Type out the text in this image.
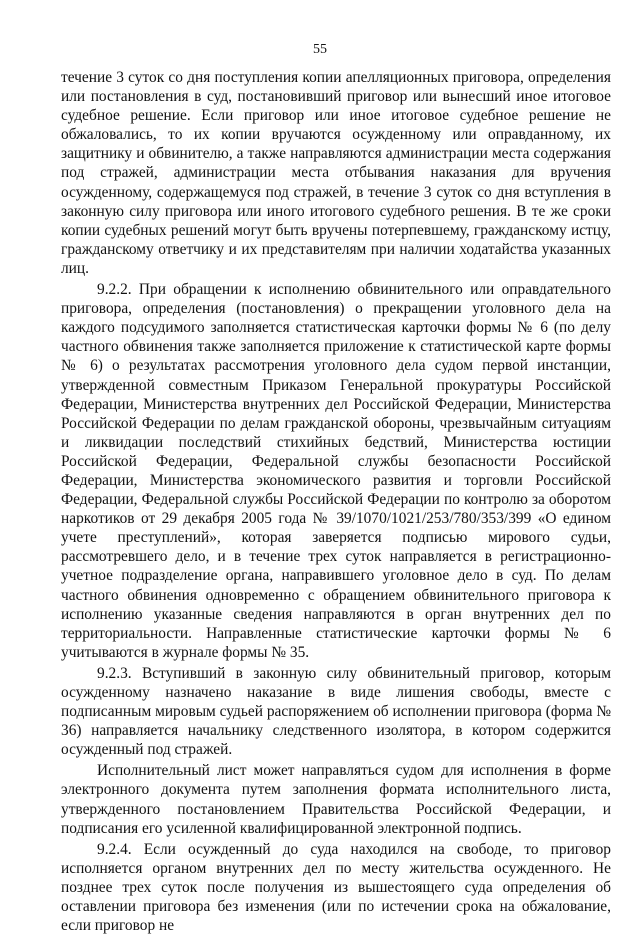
55

течение 3 суток со дня поступления копии апелляционных приговора, определения или постановления в суд, постановивший приговор или вынесший иное итоговое судебное решение. Если приговор или иное итоговое судебное решение не обжаловались, то их копии вручаются осужденному или оправданному, их защитнику и обвинителю, а также направляются администрации места содержания под стражей, администрации места отбывания наказания для вручения осужденному, содержащемуся под стражей, в течение 3 суток со дня вступления в законную силу приговора или иного итогового судебного решения. В те же сроки копии судебных решений могут быть вручены потерпевшему, гражданскому истцу, гражданскому ответчику и их представителям при наличии ходатайства указанных лиц.

9.2.2. При обращении к исполнению обвинительного или оправдательного приговора, определения (постановления) о прекращении уголовного дела на каждого подсудимого заполняется статистическая карточки формы № 6 (по делу частного обвинения также заполняется приложение к статистической карте формы № 6) о результатах рассмотрения уголовного дела судом первой инстанции, утвержденной совместным Приказом Генеральной прокуратуры Российской Федерации, Министерства внутренних дел Российской Федерации, Министерства Российской Федерации по делам гражданской обороны, чрезвычайным ситуациям и ликвидации последствий стихийных бедствий, Министерства юстиции Российской Федерации, Федеральной службы безопасности Российской Федерации, Министерства экономического развития и торговли Российской Федерации, Федеральной службы Российской Федерации по контролю за оборотом наркотиков от 29 декабря 2005 года № 39/1070/1021/253/780/353/399 «О едином учете преступлений», которая заверяется подписью мирового судьи, рассмотревшего дело, и в течение трех суток направляется в регистрационно-учетное подразделение органа, направившего уголовное дело в суд. По делам частного обвинения одновременно с обращением обвинительного приговора к исполнению указанные сведения направляются в орган внутренних дел по территориальности. Направленные статистические карточки формы № 6 учитываются в журнале формы № 35.

9.2.3. Вступивший в законную силу обвинительный приговор, которым осужденному назначено наказание в виде лишения свободы, вместе с подписанным мировым судьей распоряжением об исполнении приговора (форма № 36) направляется начальнику следственного изолятора, в котором содержится осужденный под стражей.

Исполнительный лист может направляться судом для исполнения в форме электронного документа путем заполнения формата исполнительного листа, утвержденного постановлением Правительства Российской Федерации, и подписания его усиленной квалифицированной электронной подпись.

9.2.4. Если осужденный до суда находился на свободе, то приговор исполняется органом внутренних дел по месту жительства осужденного. Не позднее трех суток после получения из вышестоящего суда определения об оставлении приговора без изменения (или по истечении срока на обжалование, если приговор не
